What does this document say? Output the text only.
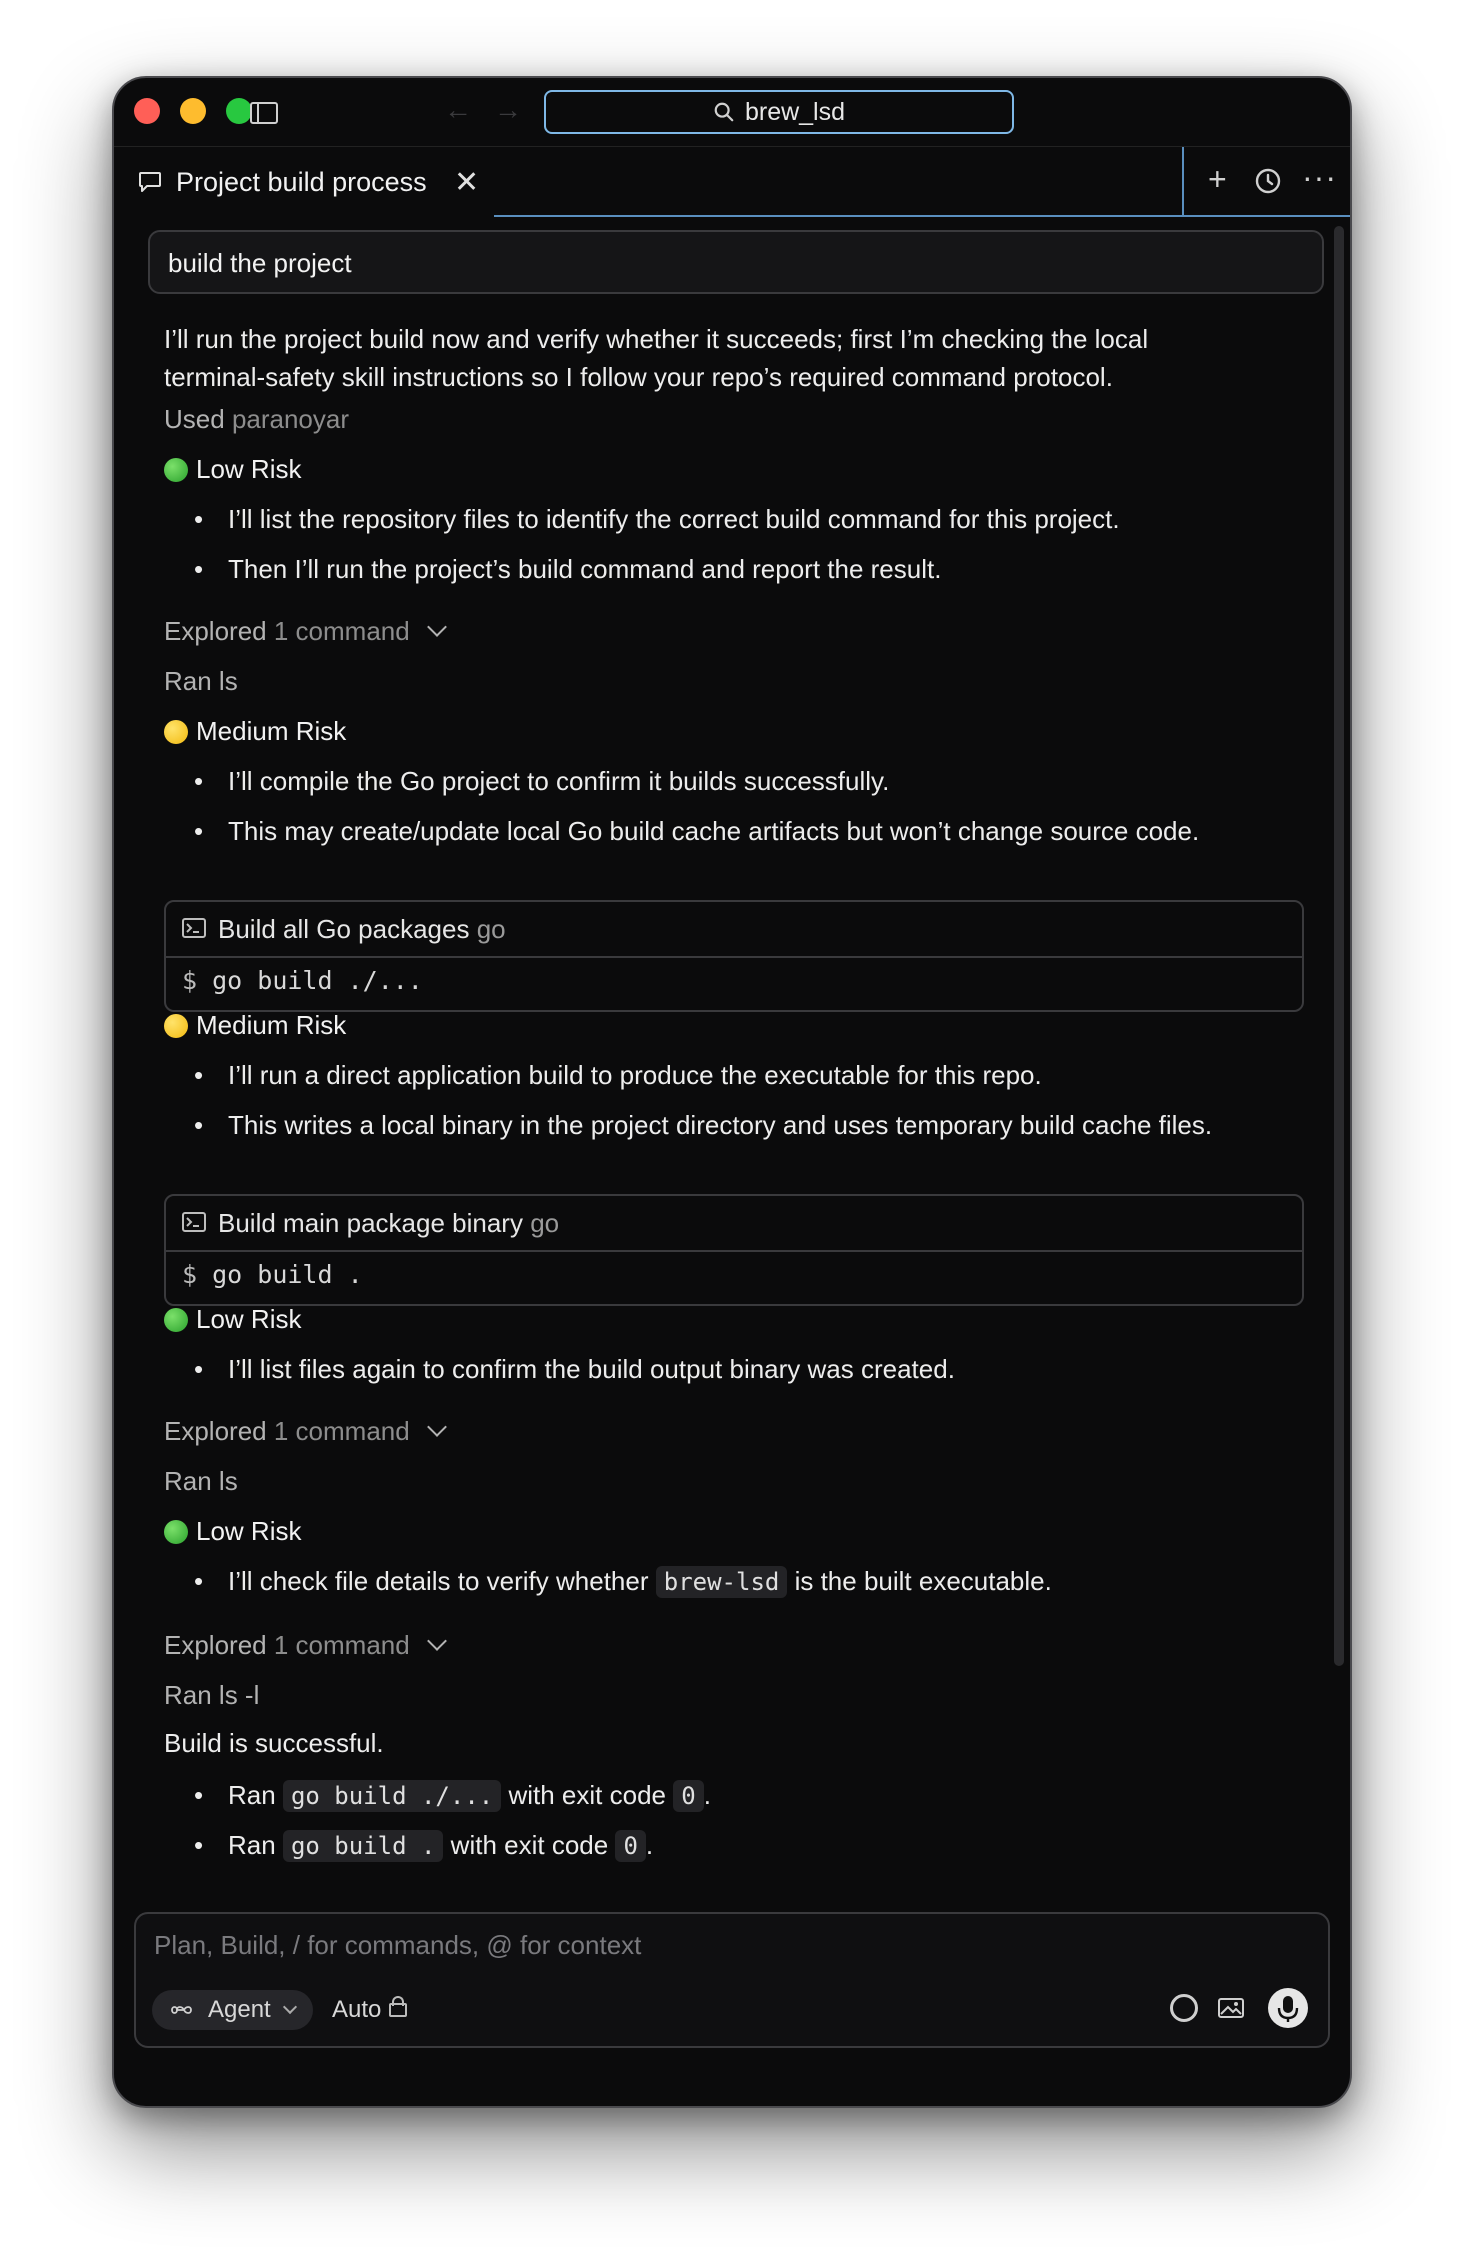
← →	brew_lsd
Project build process ✕	+ ···
build the project
I’ll run the project build now and verify whether it succeeds; first I’m checking the local
terminal-safety skill instructions so I follow your repo’s required command protocol.
Used paranoyar
Low Risk
• I’ll list the repository files to identify the correct build command for this project.
• Then I’ll run the project’s build command and report the result.
Explored 1 command
Ran ls
Medium Risk
• I’ll compile the Go project to confirm it builds successfully.
• This may create/update local Go build cache artifacts but won’t change source code.
Build all Go packages go
$ go build ./...
Medium Risk
• I’ll run a direct application build to produce the executable for this repo.
• This writes a local binary in the project directory and uses temporary build cache files.
Build main package binary go
$ go build .
Low Risk
• I’ll list files again to confirm the build output binary was created.
Explored 1 command
Ran ls
Low Risk
• I’ll check file details to verify whether brew-lsd is the built executable.
Explored 1 command
Ran ls -l
Build is successful.
• Ran go build ./... with exit code 0 .
• Ran go build . with exit code 0 .
Plan, Build, / for commands, @ for context
Agent	Auto
